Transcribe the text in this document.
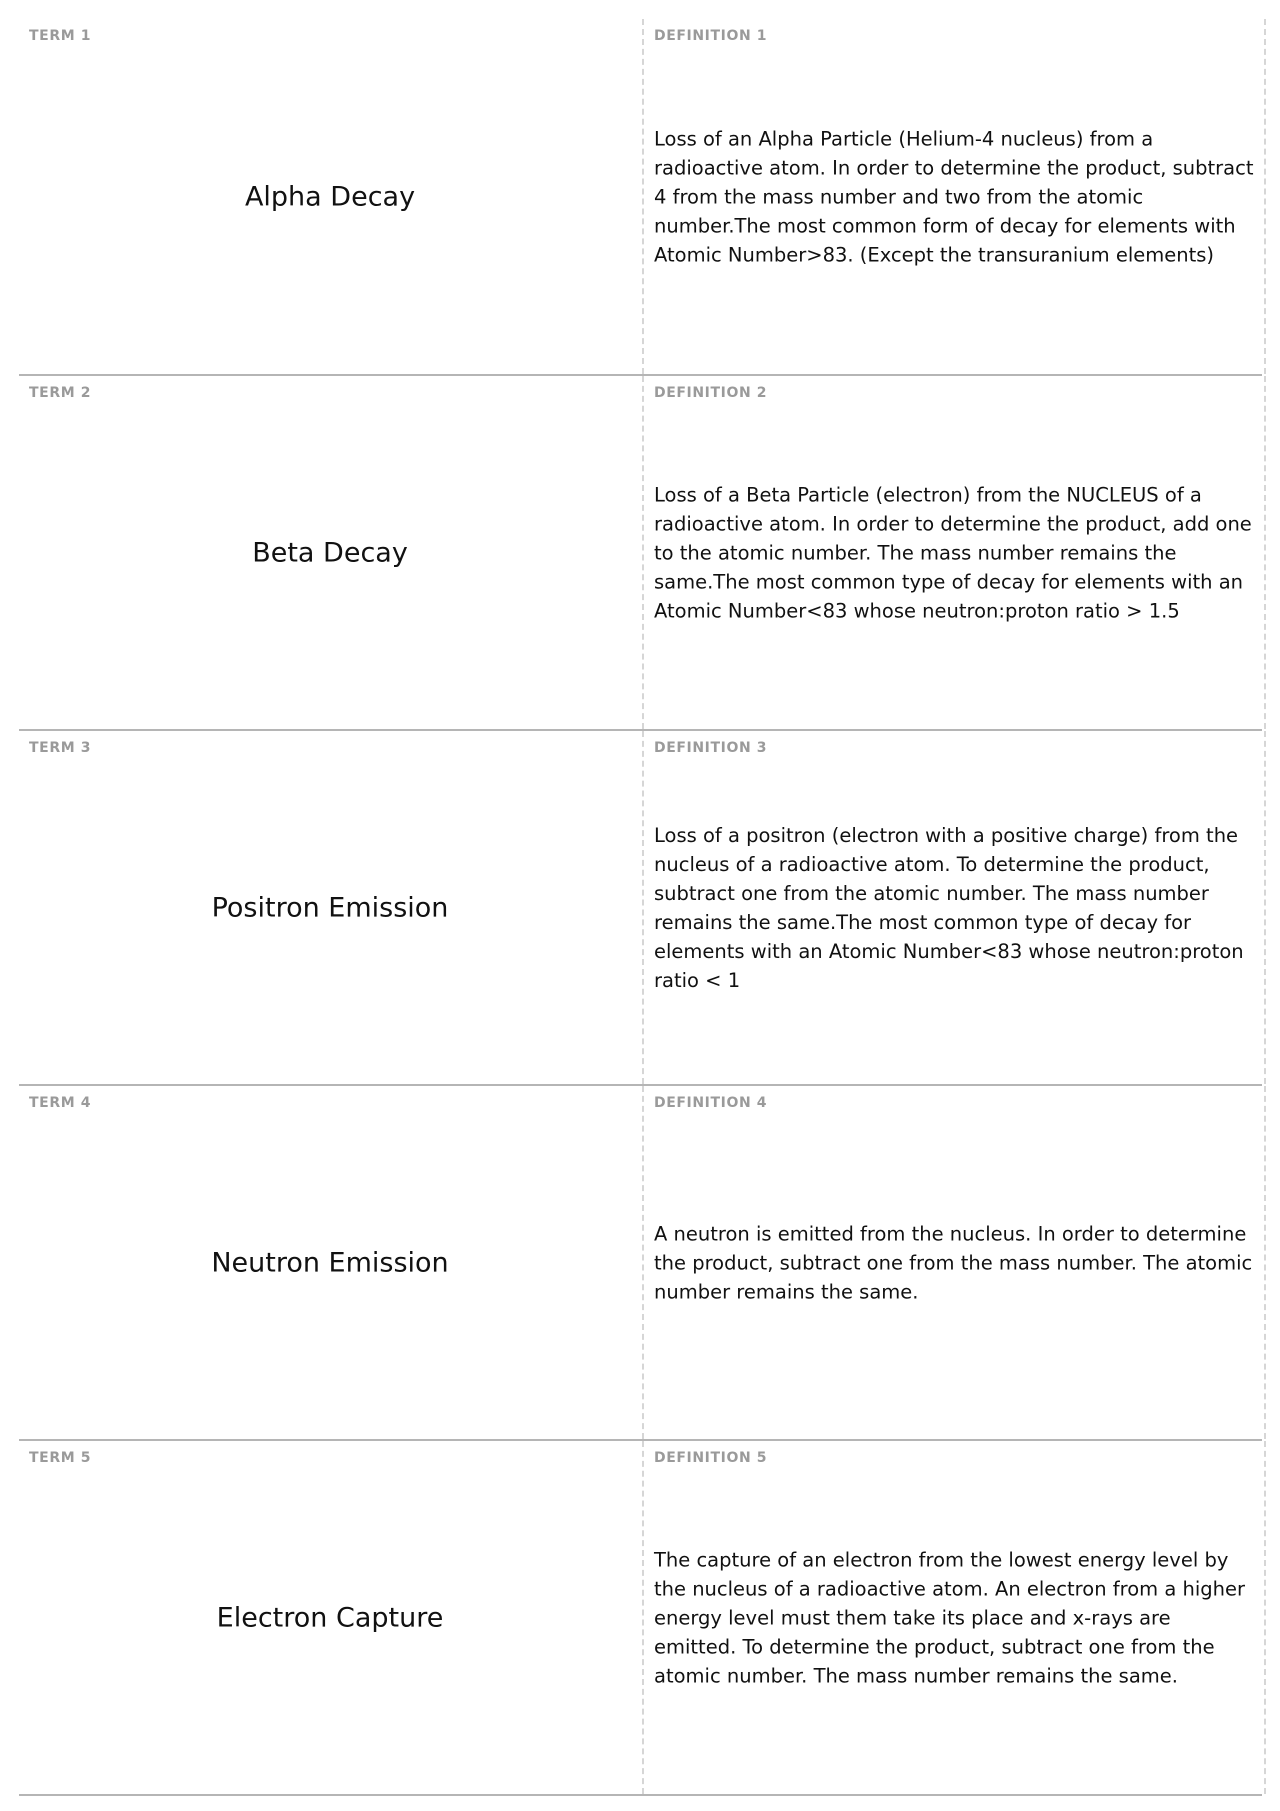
TERM 1
Alpha Decay
DEFINITION 1
Loss of an Alpha Particle (Helium-4 nucleus) from a radioactive atom. In order to determine the product, subtract 4 from the mass number and two from the atomic number.The most common form of decay for elements with Atomic Number>83. (Except the transuranium elements)
TERM 2
Beta Decay
DEFINITION 2
Loss of a Beta Particle (electron) from the NUCLEUS of a radioactive atom. In order to determine the product, add one to the atomic number. The mass number remains the same.The most common type of decay for elements with an Atomic Number<83 whose neutron:proton ratio > 1.5
TERM 3
Positron Emission
DEFINITION 3
Loss of a positron (electron with a positive charge) from the nucleus of a radioactive atom. To determine the product, subtract one from the atomic number. The mass number remains the same.The most common type of decay for elements with an Atomic Number<83 whose neutron:proton ratio < 1
TERM 4
Neutron Emission
DEFINITION 4
A neutron is emitted from the nucleus. In order to determine the product, subtract one from the mass number. The atomic number remains the same.
TERM 5
Electron Capture
DEFINITION 5
The capture of an electron from the lowest energy level by the nucleus of a radioactive atom. An electron from a higher energy level must them take its place and x-rays are emitted. To determine the product, subtract one from the atomic number. The mass number remains the same.
